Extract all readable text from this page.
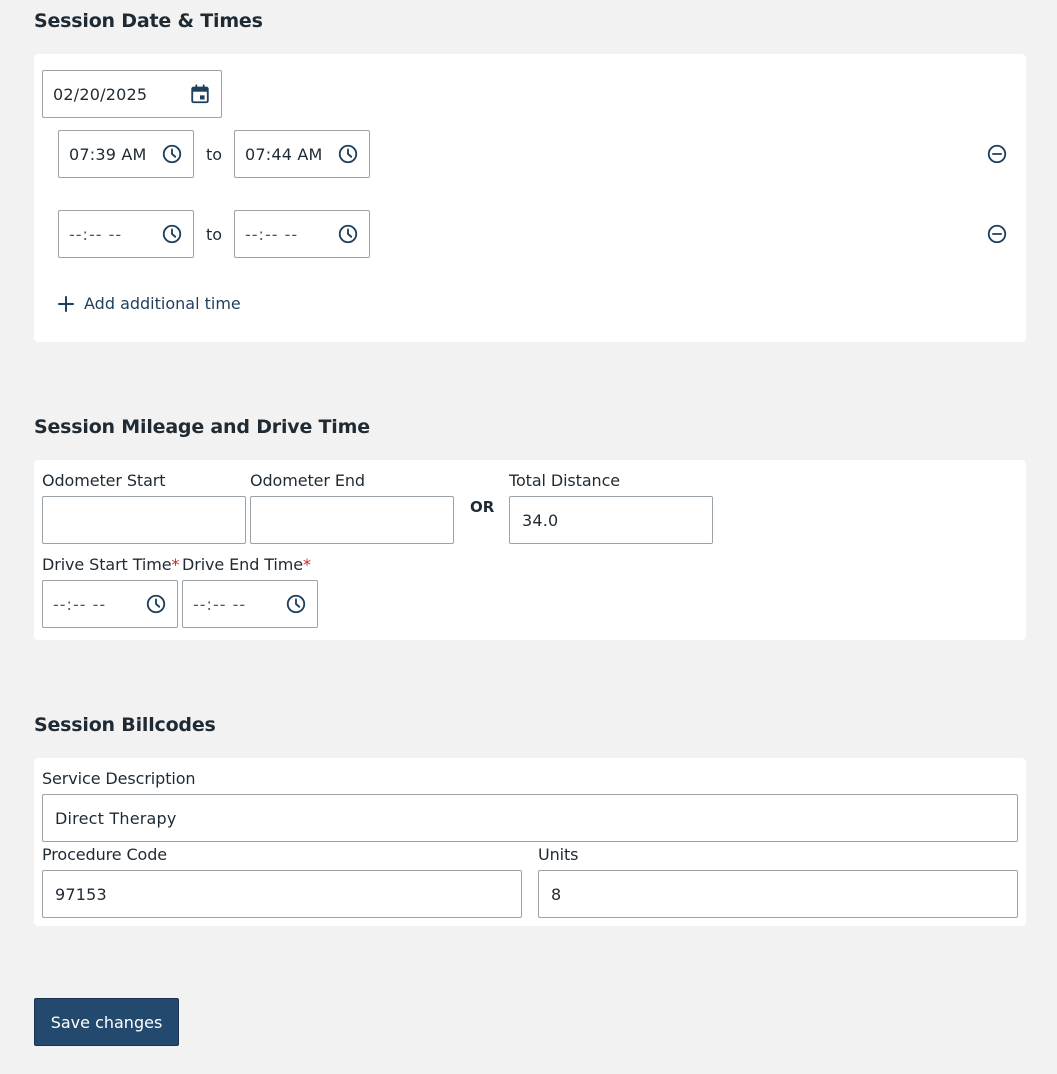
Session Date & Times
02/20/2025
07:39 AM	to 07:44 AM
--:-- --	to --:-- --
Add additional time
Session Mileage and Drive Time
Odometer Start	Odometer End
OR
Total Distance
34.0
Drive Start Time*
--:-- --
Drive End Time*
--:-- --
Session Billcodes
Service Description
Direct Therapy
Procedure Code
97153
Units
8
Save changes
